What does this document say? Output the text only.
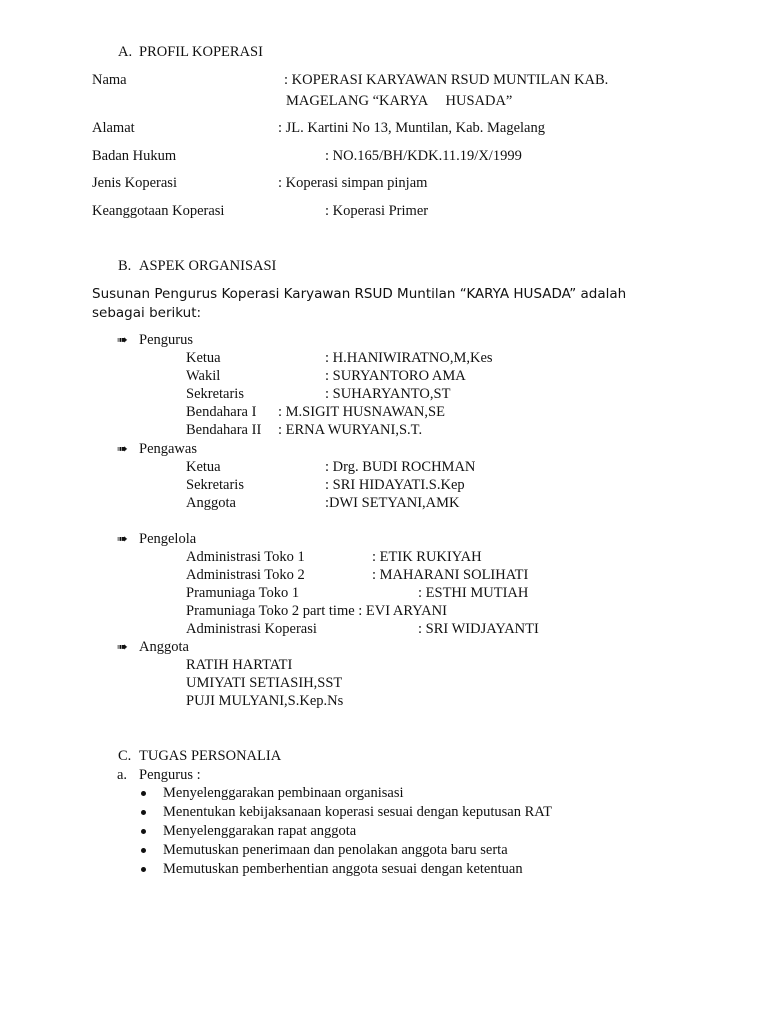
A. PROFIL KOPERASI
Nama	: KOPERASI KARYAWAN RSUD MUNTILAN KAB.
MAGELANG “KARYA     HUSADA”
Alamat	: JL. Kartini No 13, Muntilan, Kab. Magelang
Badan Hukum	: NO.165/BH/KDK.11.19/X/1999
Jenis Koperasi	: Koperasi simpan pinjam
Keanggotaan Koperasi	: Koperasi Primer
B. ASPEK ORGANISASI
Susunan Pengurus Koperasi Karyawan RSUD Muntilan “KARYA HUSADA” adalah
sebagai berikut:
➠ Pengurus
Ketua	: H.HANIWIRATNO,M,Kes
Wakil	: SURYANTORO AMA
Sekretaris	: SUHARYANTO,ST
Bendahara I : M.SIGIT HUSNAWAN,SE
Bendahara II : ERNA WURYANI,S.T.
➠ Pengawas
Ketua	: Drg. BUDI ROCHMAN
Sekretaris	: SRI HIDAYATI.S.Kep
Anggota	:DWI SETYANI,AMK
➠ Pengelola
Administrasi Toko 1	: ETIK RUKIYAH
Administrasi Toko 2	: MAHARANI SOLIHATI
Pramuniaga Toko 1	: ESTHI MUTIAH
Pramuniaga Toko 2 part time : EVI ARYANI
Administrasi Koperasi	: SRI WIDJAYANTI
➠ Anggota
RATIH HARTATI
UMIYATI SETIASIH,SST
PUJI MULYANI,S.Kep.Ns
C. TUGAS PERSONALIA
a. Pengurus :
Menyelenggarakan pembinaan organisasi
Menentukan kebijaksanaan koperasi sesuai dengan keputusan RAT
Menyelenggarakan rapat anggota
Memutuskan penerimaan dan penolakan anggota baru serta
Memutuskan pemberhentian anggota sesuai dengan ketentuan
